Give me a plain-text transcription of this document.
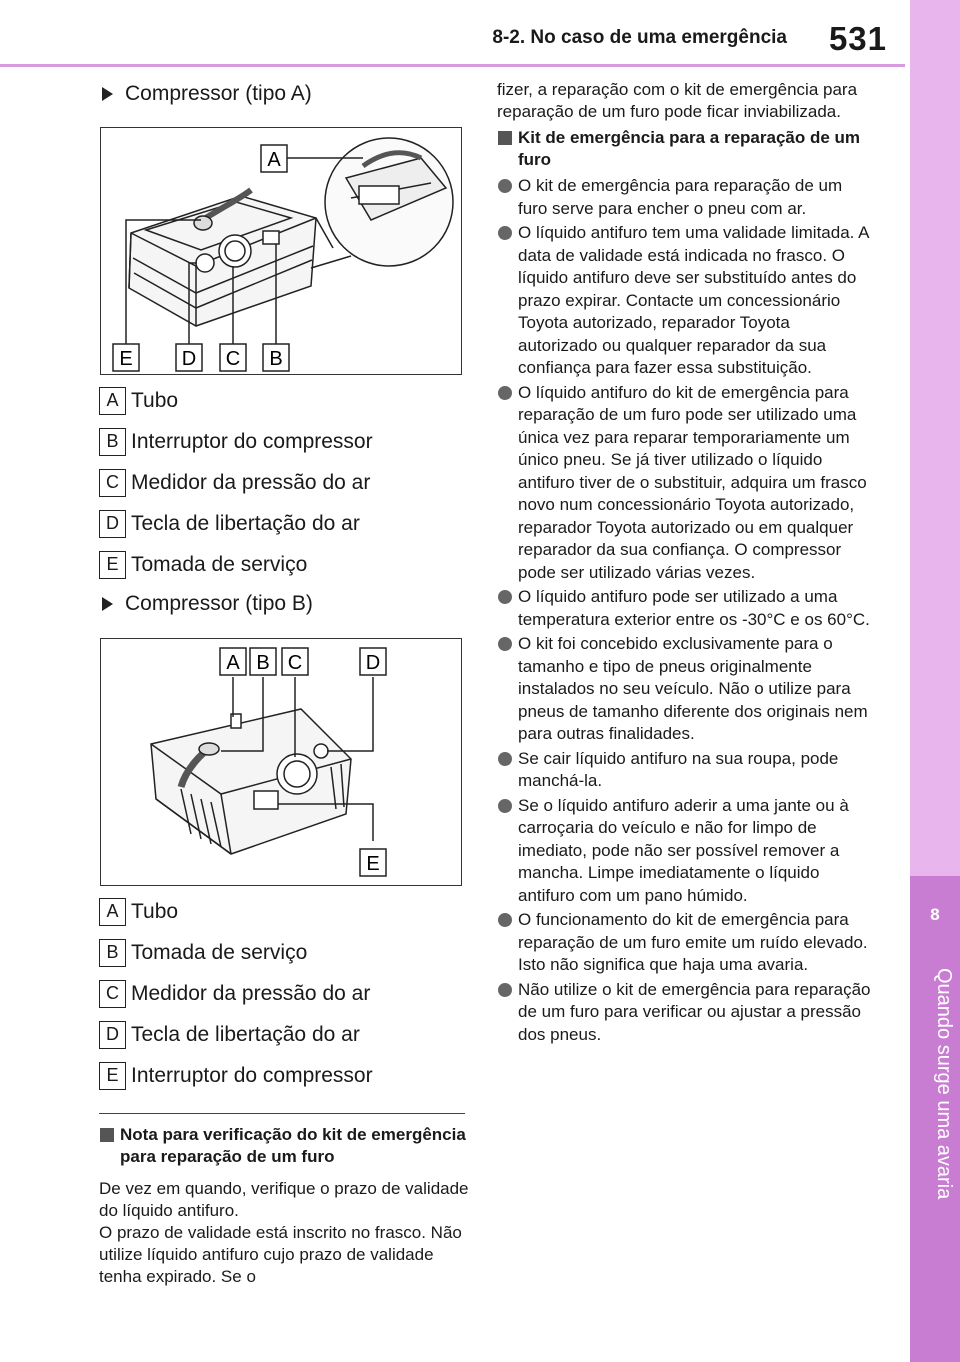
8-2. No caso de uma emergência 531
8
Quando surge uma avaria
Compressor (tipo A)
A
E D C B
A Tubo
B Interruptor do compressor
C Medidor da pressão do ar
D Tecla de libertação do ar
E Tomada de serviço
Compressor (tipo B)
A B C	D
E
A Tubo
B Tomada de serviço
C Medidor da pressão do ar
D Tecla de libertação do ar
E Interruptor do compressor
Nota para verificação do kit de emergência para reparação de um furo

De vez em quando, verifique o prazo de validade do líquido antifuro.

O prazo de validade está inscrito no frasco. Não utilize líquido antifuro cujo prazo de validade tenha expirado. Se o

fizer, a reparação com o kit de emergência para reparação de um furo pode ficar inviabilizada.

Kit de emergência para a reparação de um furo
O kit de emergência para reparação de um furo serve para encher o pneu com ar.
O líquido antifuro tem uma validade limitada. A data de validade está indicada no frasco. O líquido antifuro deve ser substituído antes do prazo expirar. Contacte um concessionário Toyota autorizado, reparador Toyota autorizado ou qualquer reparador da sua confiança para fazer essa substituição.
O líquido antifuro do kit de emergência para reparação de um furo pode ser utilizado uma única vez para reparar temporariamente um único pneu. Se já tiver utilizado o líquido antifuro tiver de o substituir, adquira um frasco novo num concessionário Toyota autorizado, reparador Toyota autorizado ou em qualquer reparador da sua confiança. O compressor pode ser utilizado várias vezes.
O líquido antifuro pode ser utilizado a uma temperatura exterior entre os -30°C e os 60°C.
O kit foi concebido exclusivamente para o tamanho e tipo de pneus originalmente instalados no seu veículo. Não o utilize para pneus de tamanho diferente dos originais nem para outras finalidades.
Se cair líquido antifuro na sua roupa, pode manchá-la.
Se o líquido antifuro aderir a uma jante ou à carroçaria do veículo e não for limpo de imediato, pode não ser possível remover a mancha. Limpe imediatamente o líquido antifuro com um pano húmido.
O funcionamento do kit de emergência para reparação de um furo emite um ruído elevado. Isto não significa que haja uma avaria.
Não utilize o kit de emergência para reparação de um furo para verificar ou ajustar a pressão dos pneus.
